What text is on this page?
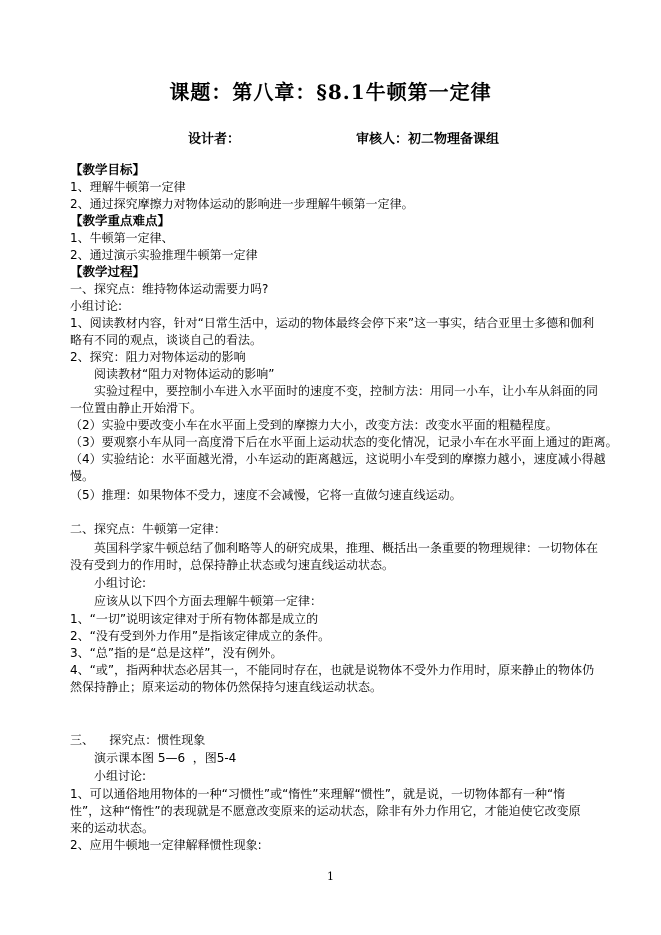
课题：第八章：§8.1牛顿第一定律
设计者：	审核人：初二物理备课组
【教学目标】
1、理解牛顿第一定律
2、通过探究摩擦力对物体运动的影响进一步理解牛顿第一定律。
【教学重点难点】
1、牛顿第一定律、
2、通过演示实验推理牛顿第一定律
【教学过程】
一、探究点：维持物体运动需要力吗?
小组讨论:
1、阅读教材内容，针对“日常生活中，运动的物体最终会停下来”这一事实，结合亚里士多德和伽利
略有不同的观点，谈谈自己的看法。
2、探究：阻力对物体运动的影响
阅读教材“阻力对物体运动的影响”
实验过程中，要控制小车进入水平面时的速度不变，控制方法：用同一小车，让小车从斜面的同
一位置由静止开始滑下。
（2）实验中要改变小车在水平面上受到的摩擦力大小，改变方法：改变水平面的粗糙程度。
（3）要观察小车从同一高度滑下后在水平面上运动状态的变化情况，记录小车在水平面上通过的距离。
（4）实验结论：水平面越光滑，小车运动的距离越远，这说明小车受到的摩擦力越小，速度减小得越
慢。
（5）推理：如果物体不受力，速度不会减慢，它将一直做匀速直线运动。
二、探究点：牛顿第一定律：
英国科学家牛顿总结了伽利略等人的研究成果，推理、概括出一条重要的物理规律：一切物体在
没有受到力的作用时，总保持静止状态或匀速直线运动状态。
小组讨论:
应该从以下四个方面去理解牛顿第一定律：
1、“一切”说明该定律对于所有物体都是成立的
2、“没有受到外力作用”是指该定律成立的条件。
3、“总”指的是“总是这样”，没有例外。
4、“或”，指两种状态必居其一，不能同时存在，也就是说物体不受外力作用时，原来静止的物体仍
然保持静止；原来运动的物体仍然保持匀速直线运动状态。
三、    探究点：惯性现象
演示课本图 5—6  ，图5-4
小组讨论:
1、可以通俗地用物体的一种“习惯性”或“惰性”来理解“惯性”，就是说，一切物体都有一种“惰
性”，这种“惰性”的表现就是不愿意改变原来的运动状态，除非有外力作用它，才能迫使它改变原
来的运动状态。
2、应用牛顿地一定律解释惯性现象:
1
